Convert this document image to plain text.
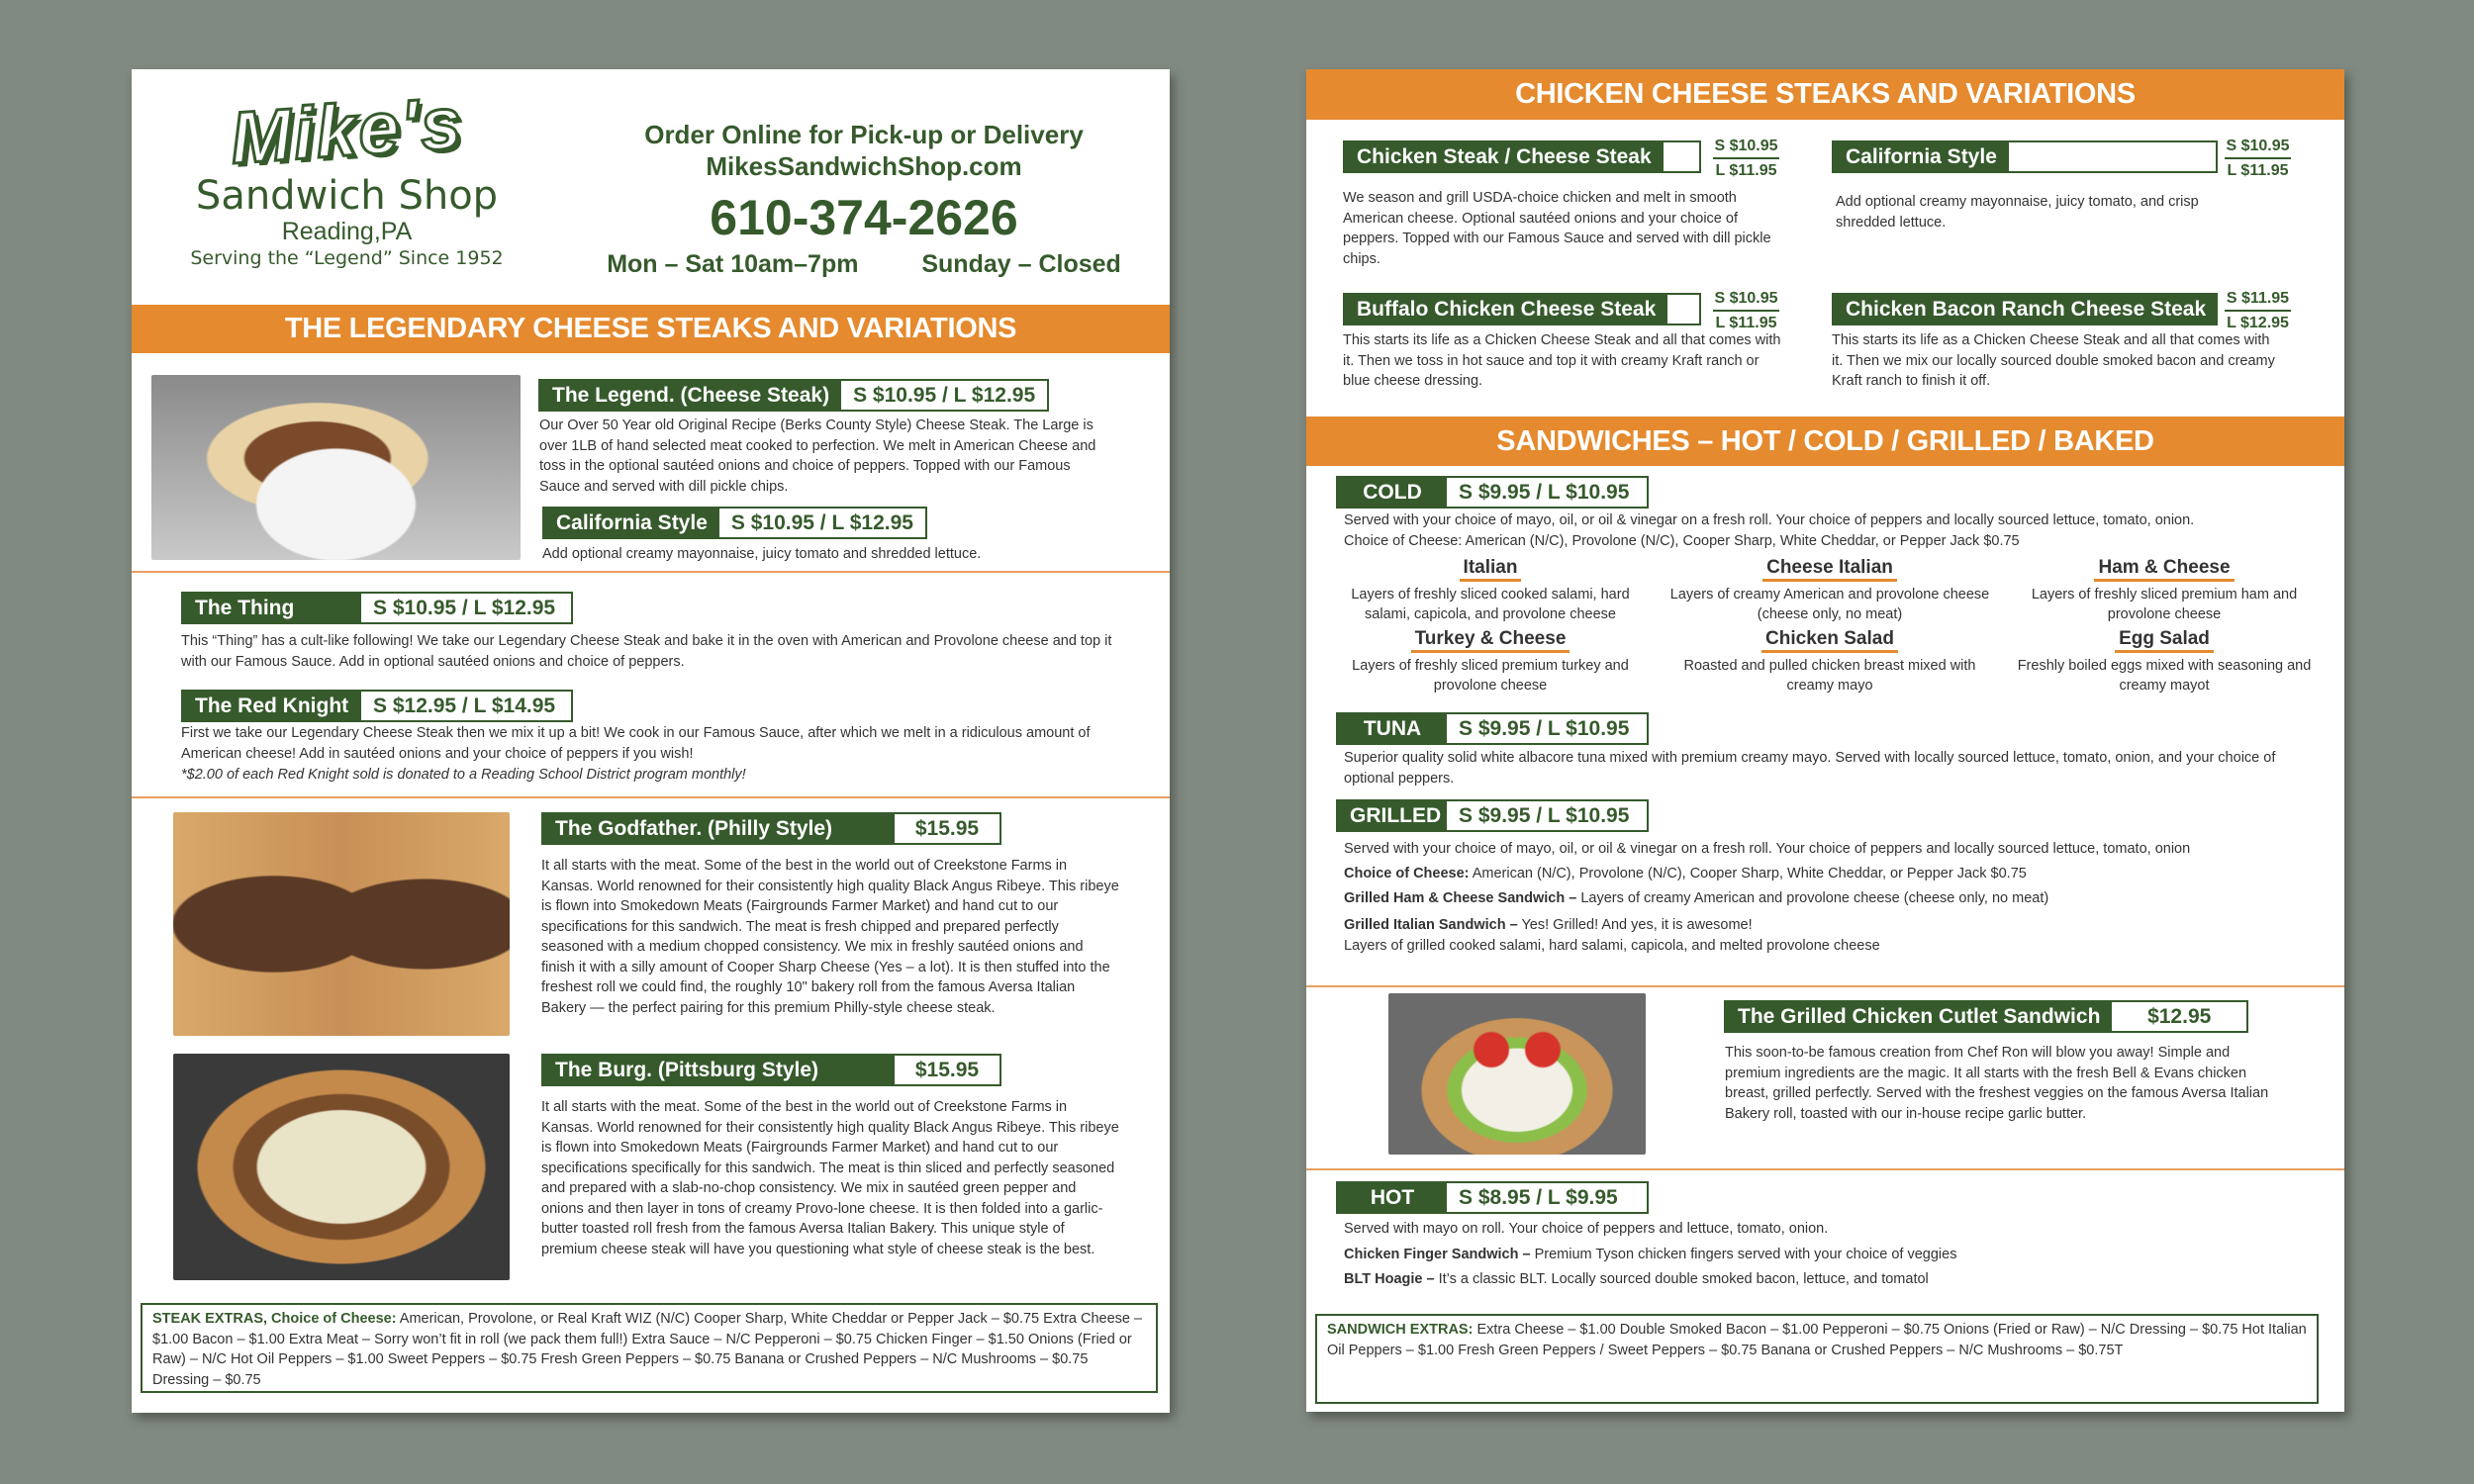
Mike's
Sandwich Shop
Reading,PA
Serving the “Legend” Since 1952
Order Online for Pick-up or Delivery
MikesSandwichShop.com
610-374-2626
Mon – Sat 10am–7pm	Sunday – Closed
THE LEGENDARY CHEESE STEAKS AND VARIATIONS
The Legend. (Cheese Steak)	S $10.95 / L $12.95
Our Over 50 Year old Original Recipe (Berks County Style) Cheese Steak. The Large is over 1LB of hand selected meat cooked to perfection. We melt in American Cheese and toss in the optional sautéed onions and choice of peppers. Topped with our Famous Sauce and served with dill pickle chips.
California Style	S $10.95 / L $12.95
Add optional creamy mayonnaise, juicy tomato and shredded lettuce.
The Thing	S $10.95 / L $12.95
This “Thing” has a cult-like following! We take our Legendary Cheese Steak and bake it in the oven with American and Provolone cheese and top it with our Famous Sauce. Add in optional sautéed onions and choice of peppers.
The Red Knight	S $12.95 / L $14.95
First we take our Legendary Cheese Steak then we mix it up a bit! We cook in our Famous Sauce, after which we melt in a ridiculous amount of American cheese! Add in sautéed onions and your choice of peppers if you wish!
*$2.00 of each Red Knight sold is donated to a Reading School District program monthly!
The Godfather. (Philly Style)	$15.95
It all starts with the meat. Some of the best in the world out of Creekstone Farms in Kansas. World renowned for their consistently high quality Black Angus Ribeye. This ribeye is flown into Smokedown Meats (Fairgrounds Farmer Market) and hand cut to our specifications for this sandwich. The meat is fresh chipped and prepared perfectly seasoned with a medium chopped consistency. We mix in freshly sautéed onions and finish it with a silly amount of Cooper Sharp Cheese (Yes – a lot). It is then stuffed into the freshest roll we could find, the roughly 10" bakery roll from the famous Aversa Italian Bakery — the perfect pairing for this premium Philly-style cheese steak.
The Burg. (Pittsburg Style)	$15.95
It all starts with the meat. Some of the best in the world out of Creekstone Farms in Kansas. World renowned for their consistently high quality Black Angus Ribeye. This ribeye is flown into Smokedown Meats (Fairgrounds Farmer Market) and hand cut to our specifications specifically for this sandwich. The meat is thin sliced and perfectly seasoned and prepared with a slab-no-chop consistency. We mix in sautéed green pepper and onions and then layer in tons of creamy Provo-lone cheese. It is then folded into a garlic-butter toasted roll fresh from the famous Aversa Italian Bakery. This unique style of premium cheese steak will have you questioning what style of cheese steak is the best.
STEAK EXTRAS, Choice of Cheese: American, Provolone, or Real Kraft WIZ (N/C) Cooper Sharp, White Cheddar or Pepper Jack – $0.75 Extra Cheese – $1.00 Bacon – $1.00 Extra Meat – Sorry won’t fit in roll (we pack them full!) Extra Sauce – N/C Pepperoni – $0.75 Chicken Finger – $1.50 Onions (Fried or Raw) – N/C Hot Oil Peppers – $1.00 Sweet Peppers – $0.75 Fresh Green Peppers – $0.75 Banana or Crushed Peppers – N/C Mushrooms – $0.75 Dressing – $0.75
CHICKEN CHEESE STEAKS AND VARIATIONS
Chicken Steak / Cheese Steak	S $10.95
L $11.95
We season and grill USDA-choice chicken and melt in smooth American cheese. Optional sautéed onions and your choice of peppers. Topped with our Famous Sauce and served with dill pickle chips.
California Style	S $10.95
L $11.95
Add optional creamy mayonnaise, juicy tomato, and crisp shredded lettuce.
Buffalo Chicken Cheese Steak	S $10.95
L $11.95
This starts its life as a Chicken Cheese Steak and all that comes with it. Then we toss in hot sauce and top it with creamy Kraft ranch or blue cheese dressing.
Chicken Bacon Ranch Cheese Steak	S $11.95
L $12.95
This starts its life as a Chicken Cheese Steak and all that comes with it. Then we mix our locally sourced double smoked bacon and creamy Kraft ranch to finish it off.
SANDWICHES – HOT / COLD / GRILLED / BAKED
COLD	S $9.95 / L $10.95
Served with your choice of mayo, oil, or oil & vinegar on a fresh roll. Your choice of peppers and locally sourced lettuce, tomato, onion.
Choice of Cheese: American (N/C), Provolone (N/C), Cooper Sharp, White Cheddar, or Pepper Jack $0.75
Italian
Layers of freshly sliced cooked salami, hard salami, capicola, and provolone cheese
Cheese Italian
Layers of creamy American and provolone cheese (cheese only, no meat)
Ham & Cheese
Layers of freshly sliced premium ham and provolone cheese
Turkey & Cheese
Layers of freshly sliced premium turkey and provolone cheese
Chicken Salad
Roasted and pulled chicken breast mixed with creamy mayo
Egg Salad
Freshly boiled eggs mixed with seasoning and creamy mayot
TUNA	S $9.95 / L $10.95
Superior quality solid white albacore tuna mixed with premium creamy mayo. Served with locally sourced lettuce, tomato, onion, and your choice of optional peppers.
GRILLED S $9.95 / L $10.95
Served with your choice of mayo, oil, or oil & vinegar on a fresh roll. Your choice of peppers and locally sourced lettuce, tomato, onion
Choice of Cheese: American (N/C), Provolone (N/C), Cooper Sharp, White Cheddar, or Pepper Jack $0.75
Grilled Ham & Cheese Sandwich – Layers of creamy American and provolone cheese (cheese only, no meat)
Grilled Italian Sandwich – Yes! Grilled! And yes, it is awesome!
Layers of grilled cooked salami, hard salami, capicola, and melted provolone cheese
The Grilled Chicken Cutlet Sandwich	$12.95
This soon-to-be famous creation from Chef Ron will blow you away! Simple and premium ingredients are the magic. It all starts with the fresh Bell & Evans chicken breast, grilled perfectly. Served with the freshest veggies on the famous Aversa Italian Bakery roll, toasted with our in-house recipe garlic butter.
HOT	S $8.95 / L $9.95
Served with mayo on roll. Your choice of peppers and lettuce, tomato, onion.
Chicken Finger Sandwich – Premium Tyson chicken fingers served with your choice of veggies
BLT Hoagie – It’s a classic BLT. Locally sourced double smoked bacon, lettuce, and tomatol
SANDWICH EXTRAS: Extra Cheese – $1.00 Double Smoked Bacon – $1.00 Pepperoni – $0.75 Onions (Fried or Raw) – N/C Dressing – $0.75 Hot Italian Oil Peppers – $1.00 Fresh Green Peppers / Sweet Peppers – $0.75 Banana or Crushed Peppers – N/C Mushrooms – $0.75T
